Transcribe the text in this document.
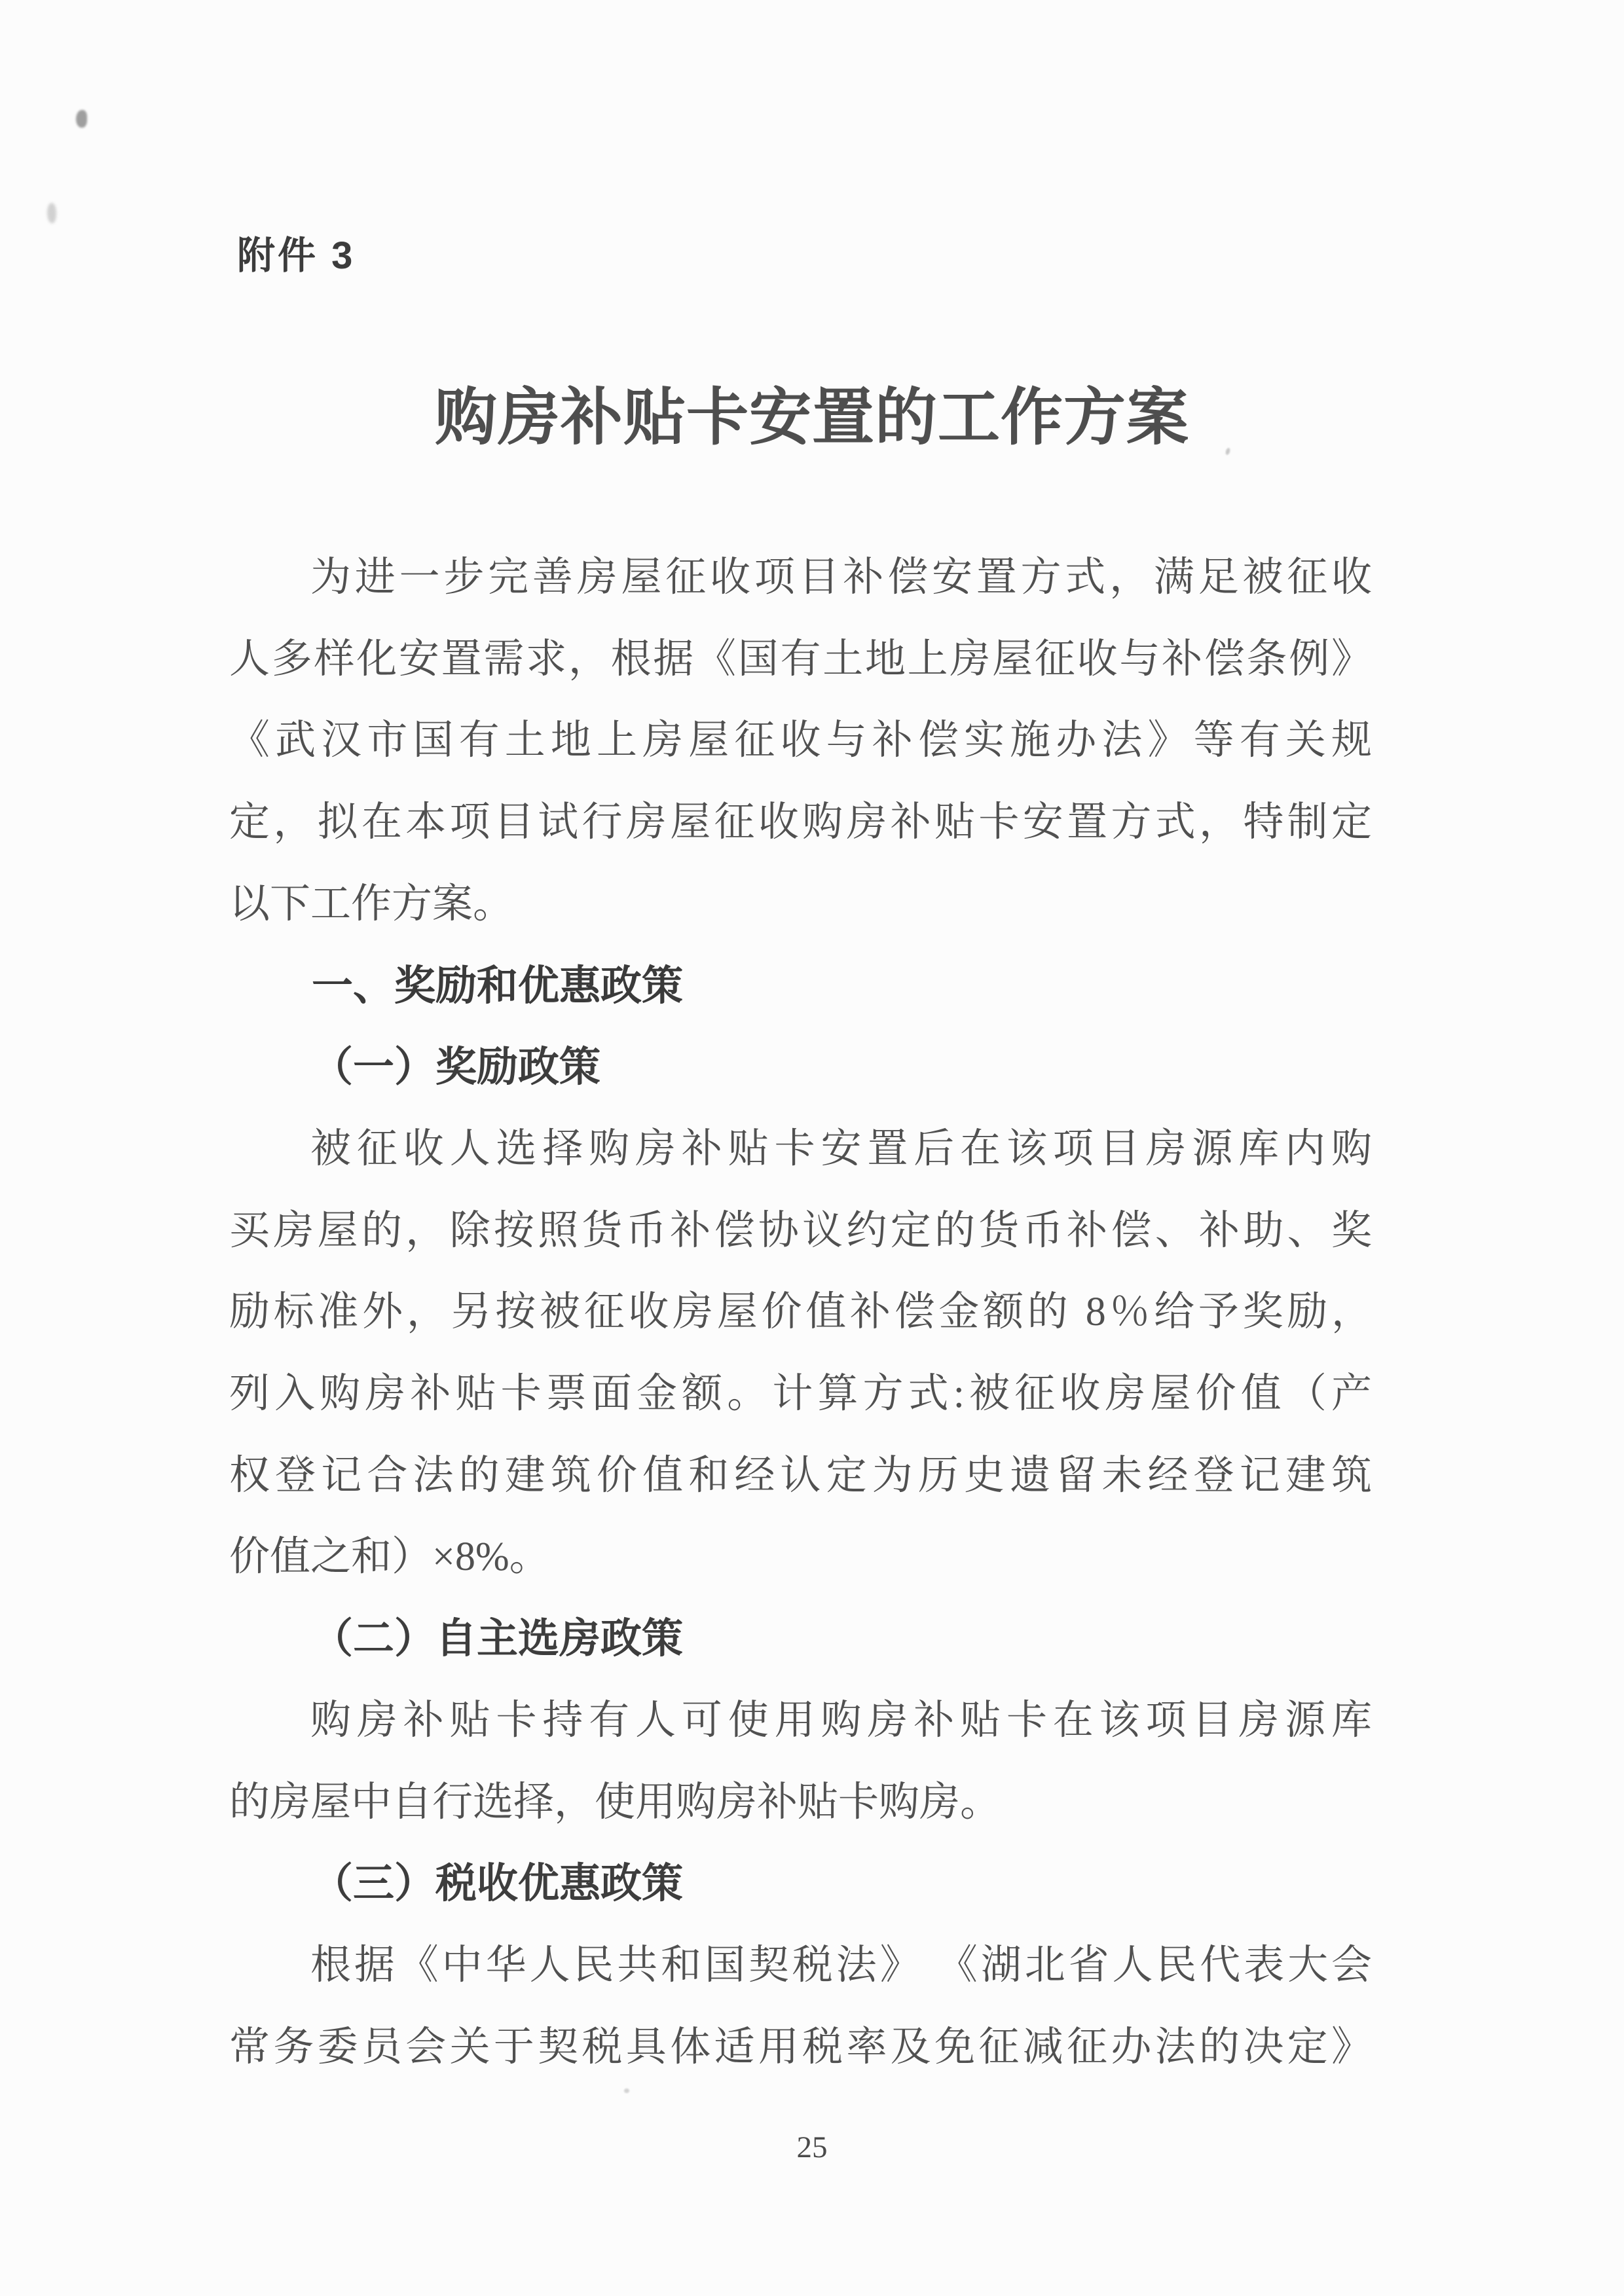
附件 3
购房补贴卡安置的工作方案
为进一步完善房屋征收项目补偿安置方式，满足被征收
人多样化安置需求，根据《国有土地上房屋征收与补偿条例》
《武汉市国有土地上房屋征收与补偿实施办法》等有关规
定，拟在本项目试行房屋征收购房补贴卡安置方式，特制定
以下工作方案。
一、奖励和优惠政策
（一）奖励政策
被征收人选择购房补贴卡安置后在该项目房源库内购
买房屋的，除按照货币补偿协议约定的货币补偿、补助、奖
励标准外，另按被征收房屋价值补偿金额的 8％给予奖励，
列入购房补贴卡票面金额。计算方式:被征收房屋价值（产
权登记合法的建筑价值和经认定为历史遗留未经登记建筑
价值之和）×8%。
（二）自主选房政策
购房补贴卡持有人可使用购房补贴卡在该项目房源库
的房屋中自行选择，使用购房补贴卡购房。
（三）税收优惠政策
根据《中华人民共和国契税法》 《湖北省人民代表大会
常务委员会关于契税具体适用税率及免征减征办法的决定》
25
